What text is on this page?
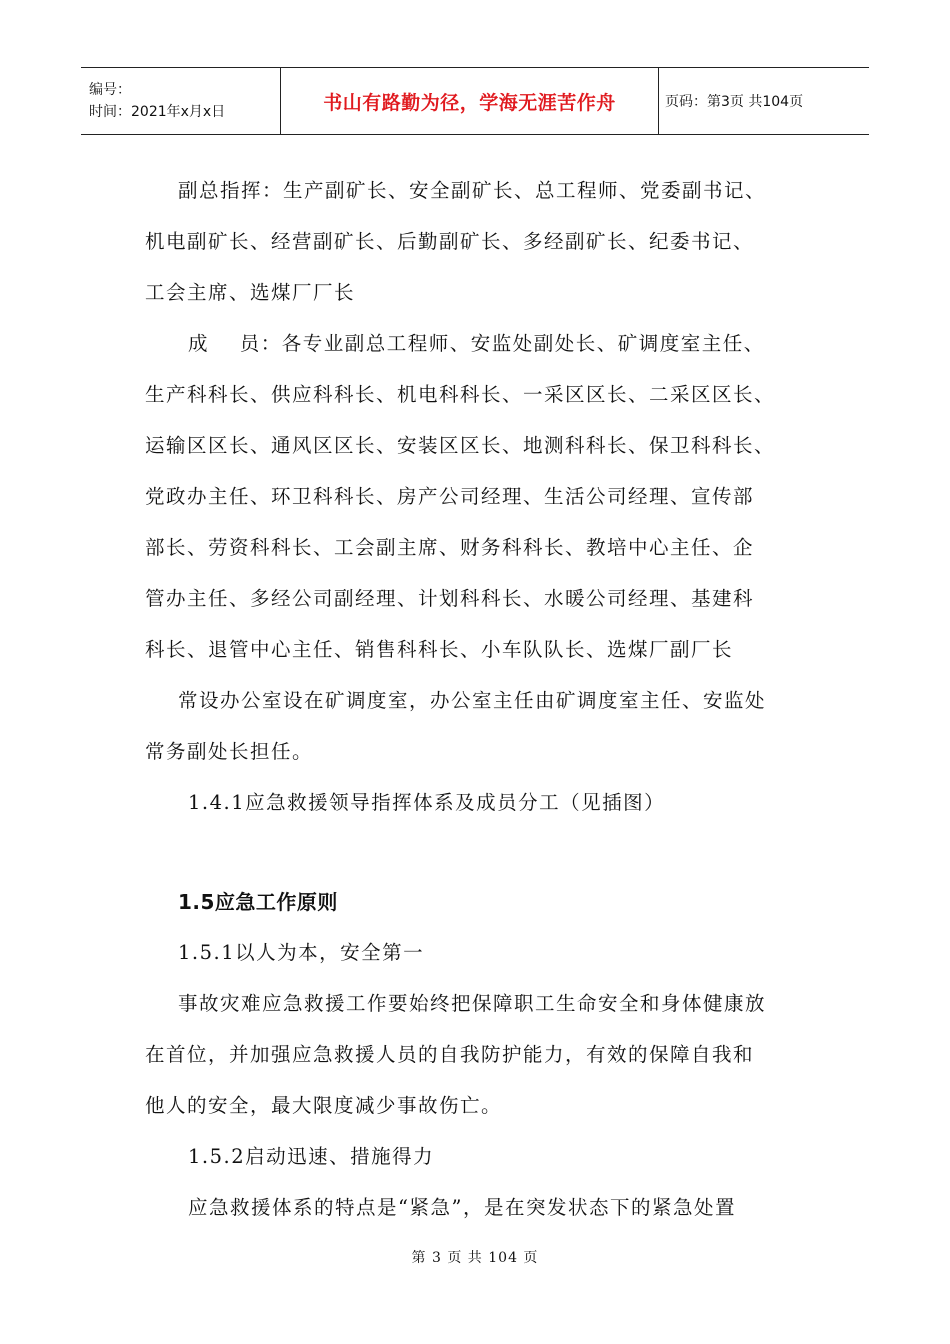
编号：
时间：2021年x月x日	书山有路勤为径，学海无涯苦作舟	页码：第3页 共104页
副总指挥：生产副矿长、安全副矿长、总工程师、党委副书记、
机电副矿长、经营副矿长、后勤副矿长、多经副矿长、纪委书记、
工会主席、选煤厂厂长
成    员：各专业副总工程师、安监处副处长、矿调度室主任、
生产科科长、供应科科长、机电科科长、一采区区长、二采区区长、
运输区区长、通风区区长、安装区区长、地测科科长、保卫科科长、
党政办主任、环卫科科长、房产公司经理、生活公司经理、宣传部
部长、劳资科科长、工会副主席、财务科科长、教培中心主任、企
管办主任、多经公司副经理、计划科科长、水暖公司经理、基建科
科长、退管中心主任、销售科科长、小车队队长、选煤厂副厂长
常设办公室设在矿调度室，办公室主任由矿调度室主任、安监处
常务副处长担任。
1.4.1应急救援领导指挥体系及成员分工（见插图）
1.5应急工作原则
1.5.1以人为本，安全第一
事故灾难应急救援工作要始终把保障职工生命安全和身体健康放
在首位，并加强应急救援人员的自我防护能力，有效的保障自我和
他人的安全，最大限度减少事故伤亡。
1.5.2启动迅速、措施得力
应急救援体系的特点是“紧急”，是在突发状态下的紧急处置
第 3 页 共 104 页
